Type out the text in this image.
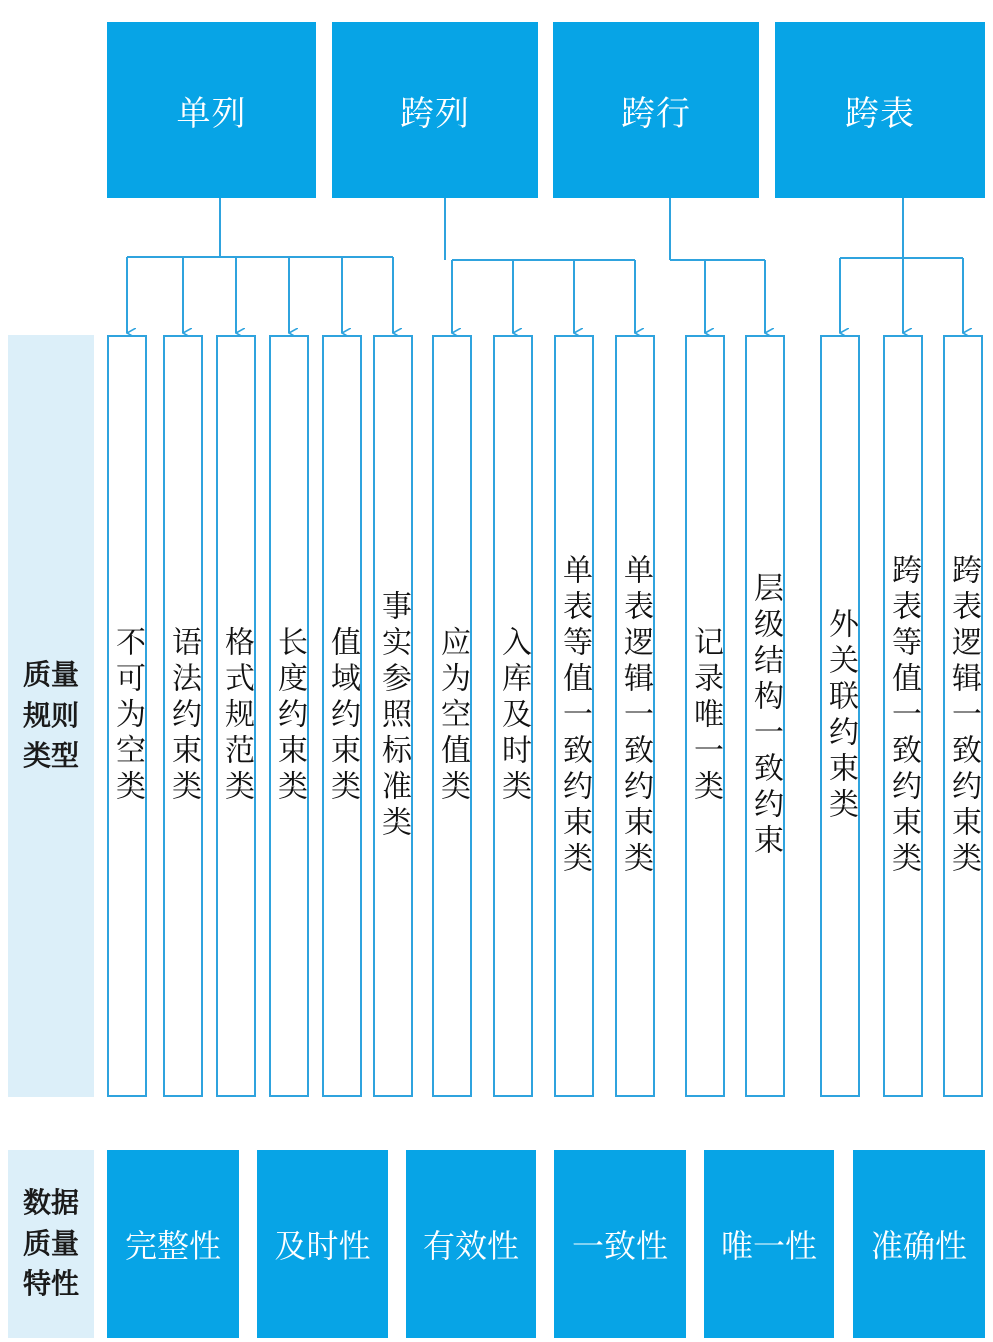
单列	跨列	跨行	跨表
质量规则类型
数据质量特性
不可为空类 语法约束类 格式规范类 长度约束类 值域约束类 事实参照标准类 应为空值类 入库及时类 单表等值一致约束类 单表逻辑一致约束类 记录唯一类 层级结构一致约束 外关联约束类 跨表等值一致约束类 跨表逻辑一致约束类
完整性 及时性 有效性 一致性 唯一性 准确性
